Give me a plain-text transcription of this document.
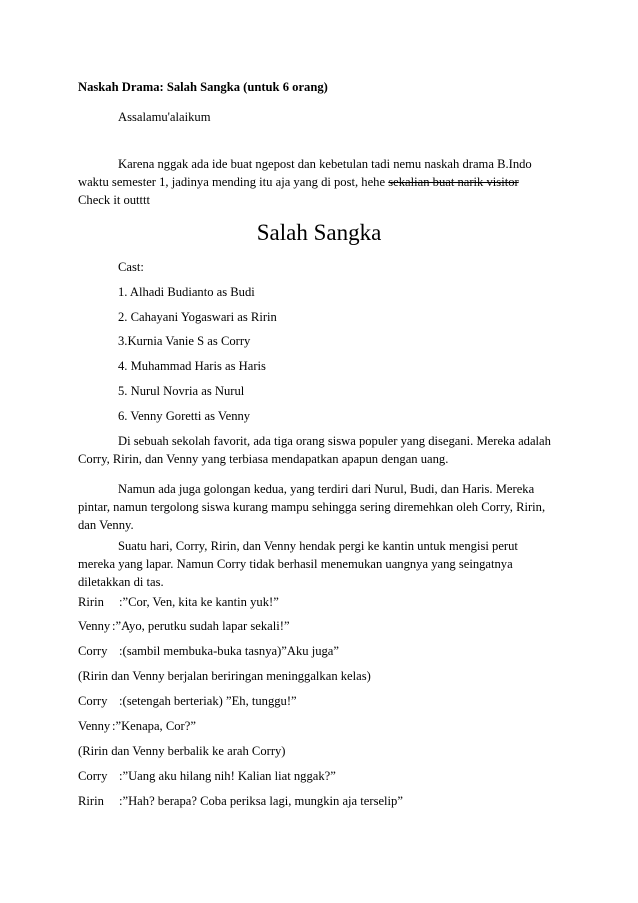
Naskah Drama: Salah Sangka (untuk 6 orang)
Assalamu'alaikum
Karena nggak ada ide buat ngepost dan kebetulan tadi nemu naskah drama B.Indo
waktu semester 1, jadinya mending itu aja yang di post, hehe sekalian buat narik visitor
Check it outttt
Salah Sangka
Cast:
1. Alhadi Budianto as Budi
2. Cahayani Yogaswari as Ririn
3.Kurnia Vanie S as Corry
4. Muhammad Haris as Haris
5. Nurul Novria as Nurul
6. Venny Goretti as Venny
Di sebuah sekolah favorit, ada tiga orang siswa populer yang disegani. Mereka adalah
Corry, Ririn, dan Venny yang terbiasa mendapatkan apapun dengan uang.
Namun ada juga golongan kedua, yang terdiri dari Nurul, Budi, dan Haris. Mereka
pintar, namun tergolong siswa kurang mampu sehingga sering diremehkan oleh Corry, Ririn,
dan Venny.
Suatu hari, Corry, Ririn, dan Venny hendak pergi ke kantin untuk mengisi perut
mereka yang lapar. Namun Corry tidak berhasil menemukan uangnya yang seingatnya
diletakkan di tas.
Ririn :”Cor, Ven, kita ke kantin yuk!”
Venny :”Ayo, perutku sudah lapar sekali!”
Corry :(sambil membuka-buka tasnya)”Aku juga”
(Ririn dan Venny berjalan beriringan meninggalkan kelas)
Corry :(setengah berteriak) ”Eh, tunggu!”
Venny :”Kenapa, Cor?”
(Ririn dan Venny berbalik ke arah Corry)
Corry :”Uang aku hilang nih! Kalian liat nggak?”
Ririn :”Hah? berapa? Coba periksa lagi, mungkin aja terselip”
